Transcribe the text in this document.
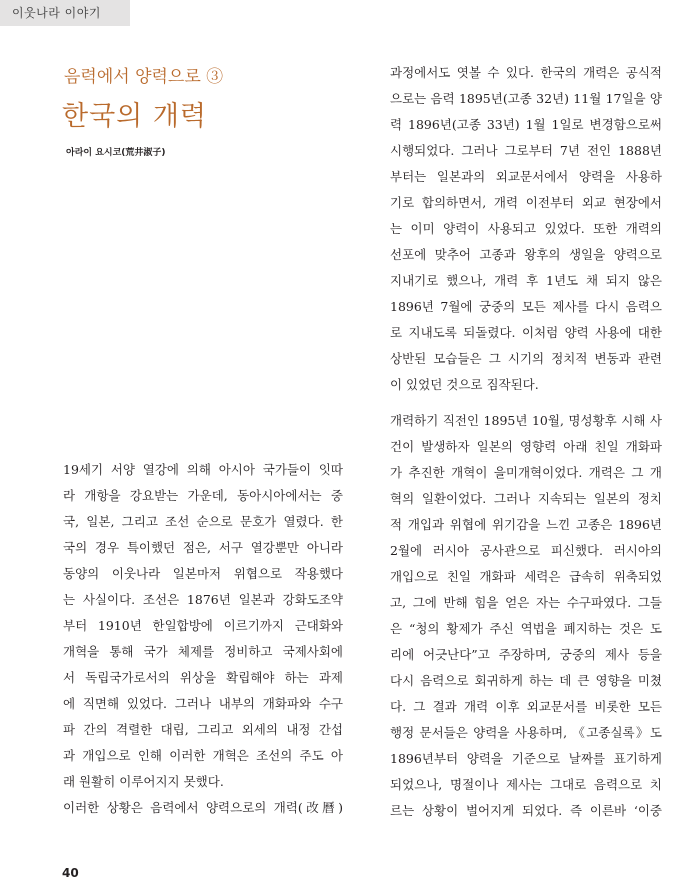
이웃나라 이야기
음력에서 양력으로 ③
한국의 개력
아라이 요시코(荒井淑子)
19세기 서양 열강에 의해 아시아 국가들이 잇따
라 개항을 강요받는 가운데, 동아시아에서는 중
국, 일본, 그리고 조선 순으로 문호가 열렸다. 한
국의 경우 특이했던 점은, 서구 열강뿐만 아니라
동양의 이웃나라 일본마저 위협으로 작용했다
는 사실이다. 조선은 1876년 일본과 강화도조약
부터 1910년 한일합방에 이르기까지 근대화와
개혁을 통해 국가 체제를 정비하고 국제사회에
서 독립국가로서의 위상을 확립해야 하는 과제
에 직면해 있었다. 그러나 내부의 개화파와 수구
파 간의 격렬한 대립, 그리고 외세의 내정 간섭
과 개입으로 인해 이러한 개혁은 조선의 주도 아
래 원활히 이루어지지 못했다.
이러한 상황은 음력에서 양력으로의 개력(改曆)
과정에서도 엿볼 수 있다. 한국의 개력은 공식적
으로는 음력 1895년(고종 32년) 11월 17일을 양
력 1896년(고종 33년) 1월 1일로 변경함으로써
시행되었다. 그러나 그로부터 7년 전인 1888년
부터는 일본과의 외교문서에서 양력을 사용하
기로 합의하면서, 개력 이전부터 외교 현장에서
는 이미 양력이 사용되고 있었다. 또한 개력의
선포에 맞추어 고종과 왕후의 생일을 양력으로
지내기로 했으나, 개력 후 1년도 채 되지 않은
1896년 7월에 궁중의 모든 제사를 다시 음력으
로 지내도록 되돌렸다. 이처럼 양력 사용에 대한
상반된 모습들은 그 시기의 정치적 변동과 관련
이 있었던 것으로 짐작된다.
개력하기 직전인 1895년 10월, 명성황후 시해 사
건이 발생하자 일본의 영향력 아래 친일 개화파
가 추진한 개혁이 을미개혁이었다. 개력은 그 개
혁의 일환이었다. 그러나 지속되는 일본의 정치
적 개입과 위협에 위기감을 느낀 고종은 1896년
2월에 러시아 공사관으로 피신했다. 러시아의
개입으로 친일 개화파 세력은 급속히 위축되었
고, 그에 반해 힘을 얻은 자는 수구파였다. 그들
은 “청의 황제가 주신 역법을 폐지하는 것은 도
리에 어긋난다”고 주장하며, 궁중의 제사 등을
다시 음력으로 회귀하게 하는 데 큰 영향을 미쳤
다. 그 결과 개력 이후 외교문서를 비롯한 모든
행정 문서들은 양력을 사용하며, 《고종실록》도
1896년부터 양력을 기준으로 날짜를 표기하게
되었으나, 명절이나 제사는 그대로 음력으로 치
르는 상황이 벌어지게 되었다. 즉 이른바 ‘이중
40
